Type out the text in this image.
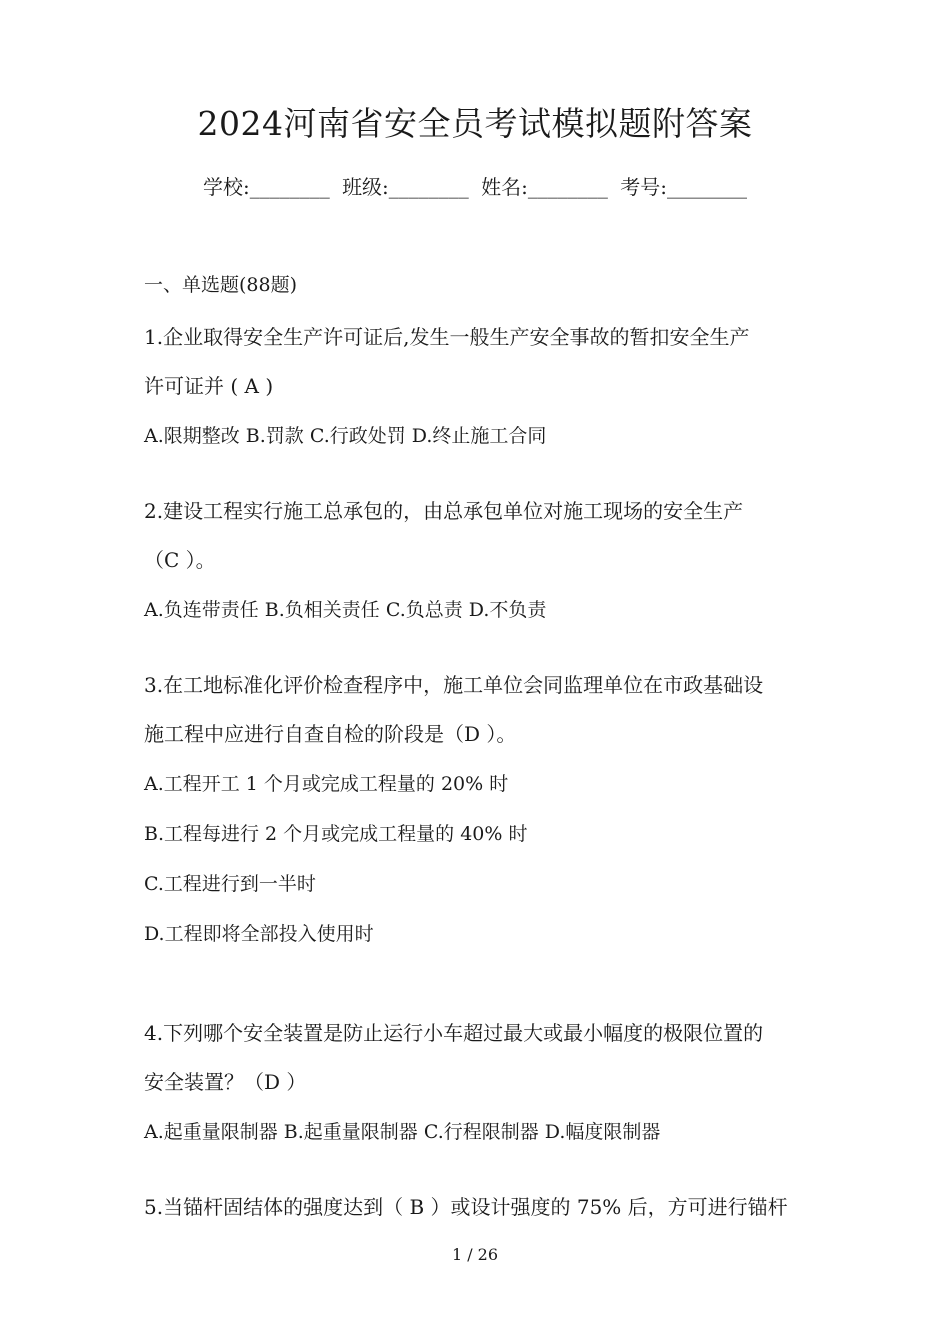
2024河南省安全员考试模拟题附答案
学校:________ 班级:________ 姓名:________ 考号:________
一、单选题(88题)
1.企业取得安全生产许可证后,发生一般生产安全事故的暂扣安全生产
许可证并 ( A )
A.限期整改 B.罚款 C.行政处罚 D.终止施工合同
2.建设工程实行施工总承包的，由总承包单位对施工现场的安全生产
（C ）。
A.负连带责任 B.负相关责任 C.负总责 D.不负责
3.在工地标准化评价检查程序中，施工单位会同监理单位在市政基础设
施工程中应进行自查自检的阶段是（D ）。
A.工程开工 1 个月或完成工程量的 20% 时
B.工程每进行 2 个月或完成工程量的 40% 时
C.工程进行到一半时
D.工程即将全部投入使用时
4.下列哪个安全装置是防止运行小车超过最大或最小幅度的极限位置的
安全装置？（D ）
A.起重量限制器 B.起重量限制器 C.行程限制器 D.幅度限制器
5.当锚杆固结体的强度达到（ B ）或设计强度的 75% 后，方可进行锚杆
1 / 26
